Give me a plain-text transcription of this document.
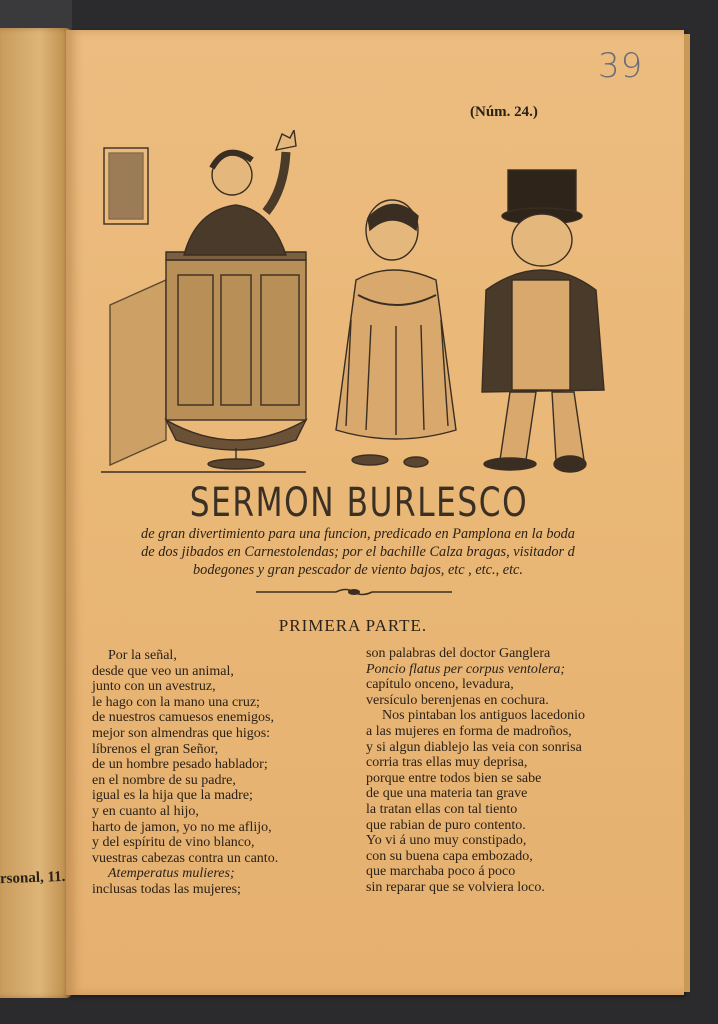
rsonal, 11.
39
(Núm. 24.)
SERMON BURLESCO
de gran divertimiento para una funcion, predicado en Pamplona en la boda
de dos jibados en Carnestolendas; por el bachille Calza bragas, visitador d
bodegones y gran pescador de viento bajos, etc , etc., etc.
PRIMERA PARTE.
Por la señal,
desde que veo un animal,
junto con un avestruz,
le hago con la mano una cruz;
de nuestros camuesos enemigos,
mejor son almendras que higos:
líbrenos el gran Señor,
de un hombre pesado hablador;
en el nombre de su padre,
igual es la hija que la madre;
y en cuanto al hijo,
harto de jamon, yo no me aflijo,
y del espíritu de vino blanco,
vuestras cabezas contra un canto.
Atemperatus mulieres;
inclusas todas las mujeres;
son palabras del doctor Ganglera
Poncio flatus per corpus ventolera;
capítulo onceno, levadura,
versículo berenjenas en cochura.
Nos pintaban los antiguos lacedonio
a las mujeres en forma de madroños,
y si algun diablejo las veia con sonrisa
corria tras ellas muy deprisa,
porque entre todos bien se sabe
de que una materia tan grave
la tratan ellas con tal tiento
que rabian de puro contento.
Yo vi á uno muy constipado,
con su buena capa embozado,
que marchaba poco á poco
sin reparar que se volviera loco.
